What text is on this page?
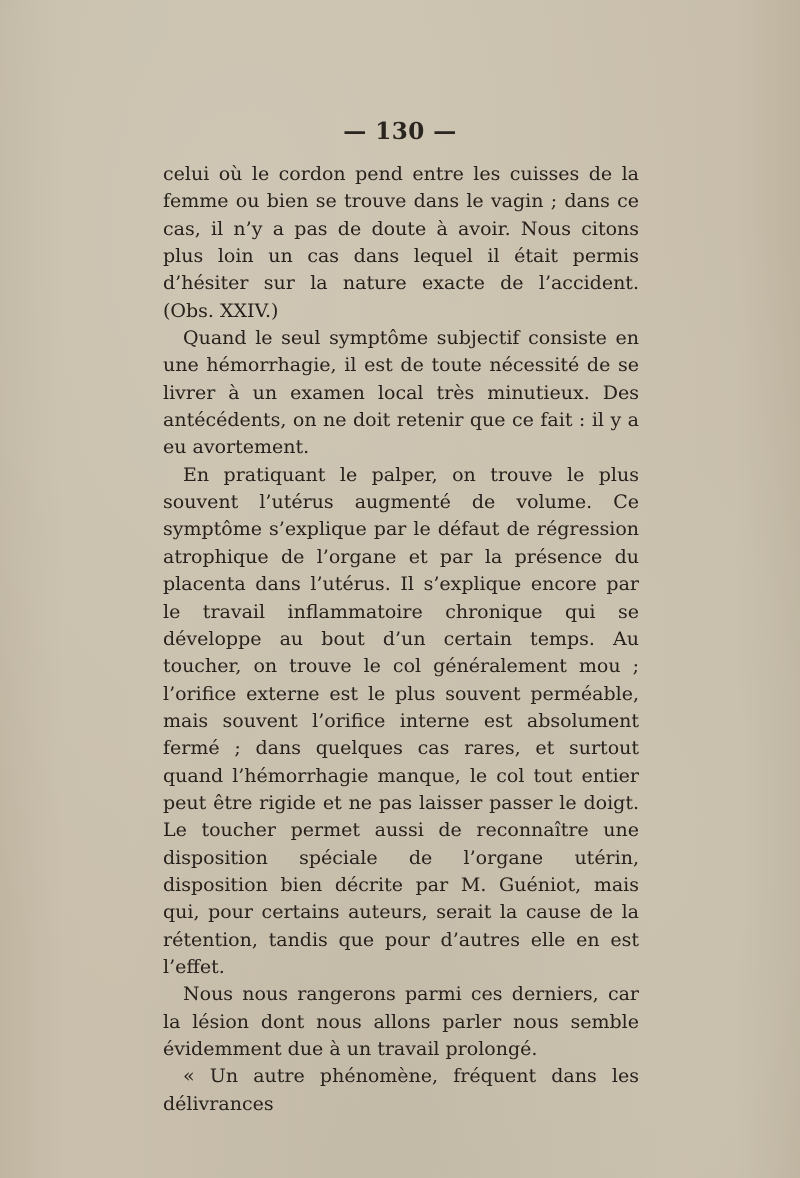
— 130 —

celui où le cordon pend entre les cuisses de la femme ou bien se trouve dans le vagin ; dans ce cas, il n’y a pas de doute à avoir. Nous citons plus loin un cas dans lequel il était permis d’hésiter sur la nature exacte de l’accident. (Obs. XXIV.)

Quand le seul symptôme subjectif consiste en une hémorrhagie, il est de toute nécessité de se livrer à un examen local très minutieux. Des antécédents, on ne doit retenir que ce fait : il y a eu avortement.

En pratiquant le palper, on trouve le plus souvent l’utérus augmenté de volume. Ce symptôme s’explique par le défaut de régression atrophique de l’organe et par la présence du placenta dans l’utérus. Il s’explique encore par le travail inflammatoire chronique qui se développe au bout d’un certain temps. Au toucher, on trouve le col généralement mou ; l’orifice externe est le plus souvent perméable, mais souvent l’orifice interne est absolument fermé ; dans quelques cas rares, et surtout quand l’hémorrhagie manque, le col tout entier peut être rigide et ne pas laisser passer le doigt. Le toucher permet aussi de reconnaître une disposition spéciale de l’organe utérin, disposition bien décrite par M. Guéniot, mais qui, pour certains auteurs, serait la cause de la rétention, tandis que pour d’autres elle en est l’effet.

Nous nous rangerons parmi ces derniers, car la lésion dont nous allons parler nous semble évidemment due à un travail prolongé.

« Un autre phénomène, fréquent dans les délivrances
